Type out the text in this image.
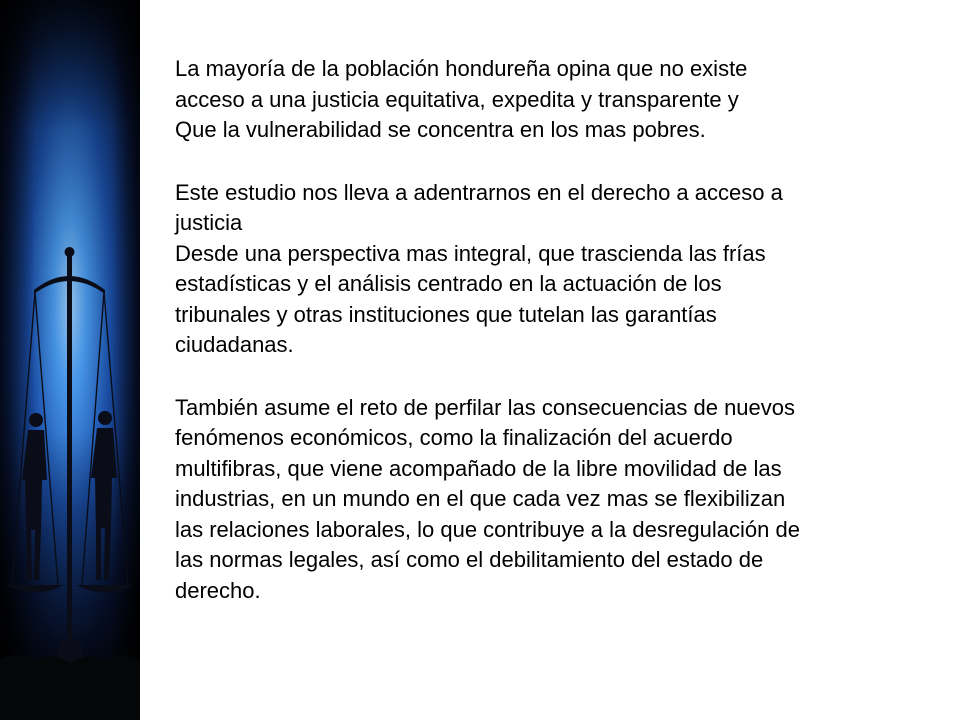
La mayoría de la población hondureña opina que no existe
acceso a una justicia equitativa, expedita y transparente y
Que la vulnerabilidad se concentra en los mas pobres.

Este estudio nos lleva a adentrarnos en el derecho a acceso a
justicia
Desde una perspectiva mas integral, que trascienda las frías
estadísticas y el análisis centrado en la actuación de los
tribunales y otras instituciones que tutelan las garantías
ciudadanas.

También asume el reto de perfilar las consecuencias de nuevos
fenómenos económicos, como la finalización del acuerdo
multifibras, que viene acompañado de la libre movilidad de las
industrias, en un mundo en el que cada vez mas se flexibilizan
las relaciones laborales, lo que contribuye a la desregulación de
las normas legales, así como el debilitamiento del estado de
derecho.
